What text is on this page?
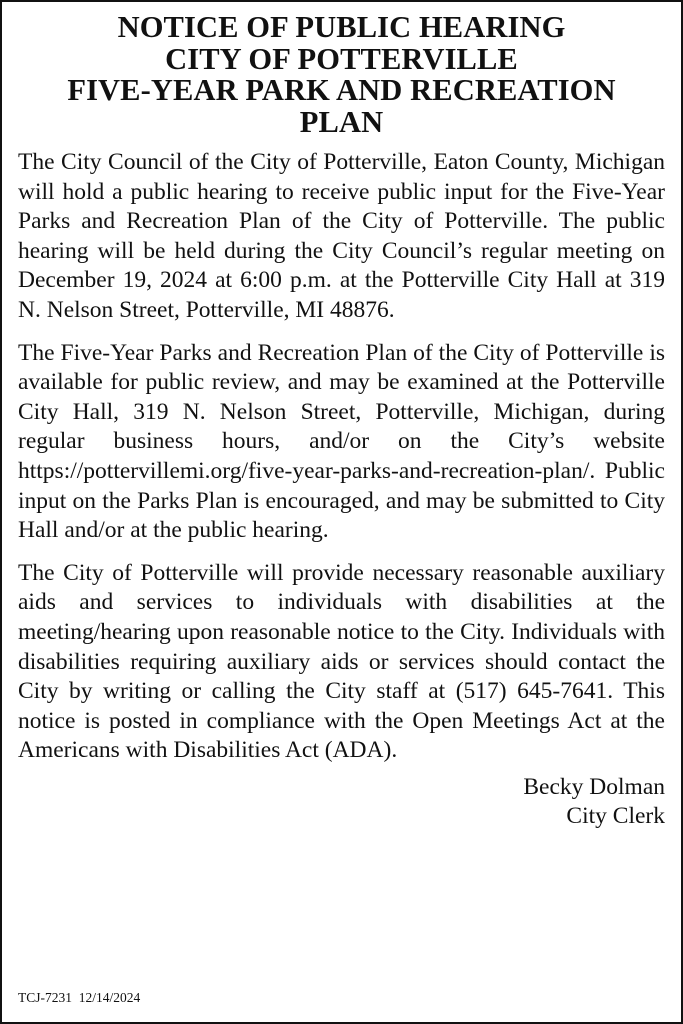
NOTICE OF PUBLIC HEARING
CITY OF POTTERVILLE
FIVE-YEAR PARK AND RECREATION
PLAN

The City Council of the City of Potterville, Eaton County, Michigan will hold a public hearing to receive public input for the Five-Year Parks and Recreation Plan of the City of Potterville. The public hearing will be held during the City Council’s regular meeting on December 19, 2024 at 6:00 p.m. at the Potterville City Hall at 319 N. Nelson Street, Potterville, MI 48876.

The Five-Year Parks and Recreation Plan of the City of Potterville is available for public review, and may be examined at the Potterville City Hall, 319 N. Nelson Street, Potterville, Michigan, during regular business hours, and/or on the City’s website https://pottervillemi.org/five-year-parks-and-recreation-plan/. Public input on the Parks Plan is encouraged, and may be submitted to City Hall and/or at the public hearing.

The City of Potterville will provide necessary reasonable auxiliary aids and services to individuals with disabilities at the meeting/hearing upon reasonable notice to the City. Individuals with disabilities requiring auxiliary aids or services should contact the City by writing or calling the City staff at (517) 645-7641. This notice is posted in compliance with the Open Meetings Act at the Americans with Disabilities Act (ADA).

Becky Dolman
City Clerk
TCJ-7231 12/14/2024
